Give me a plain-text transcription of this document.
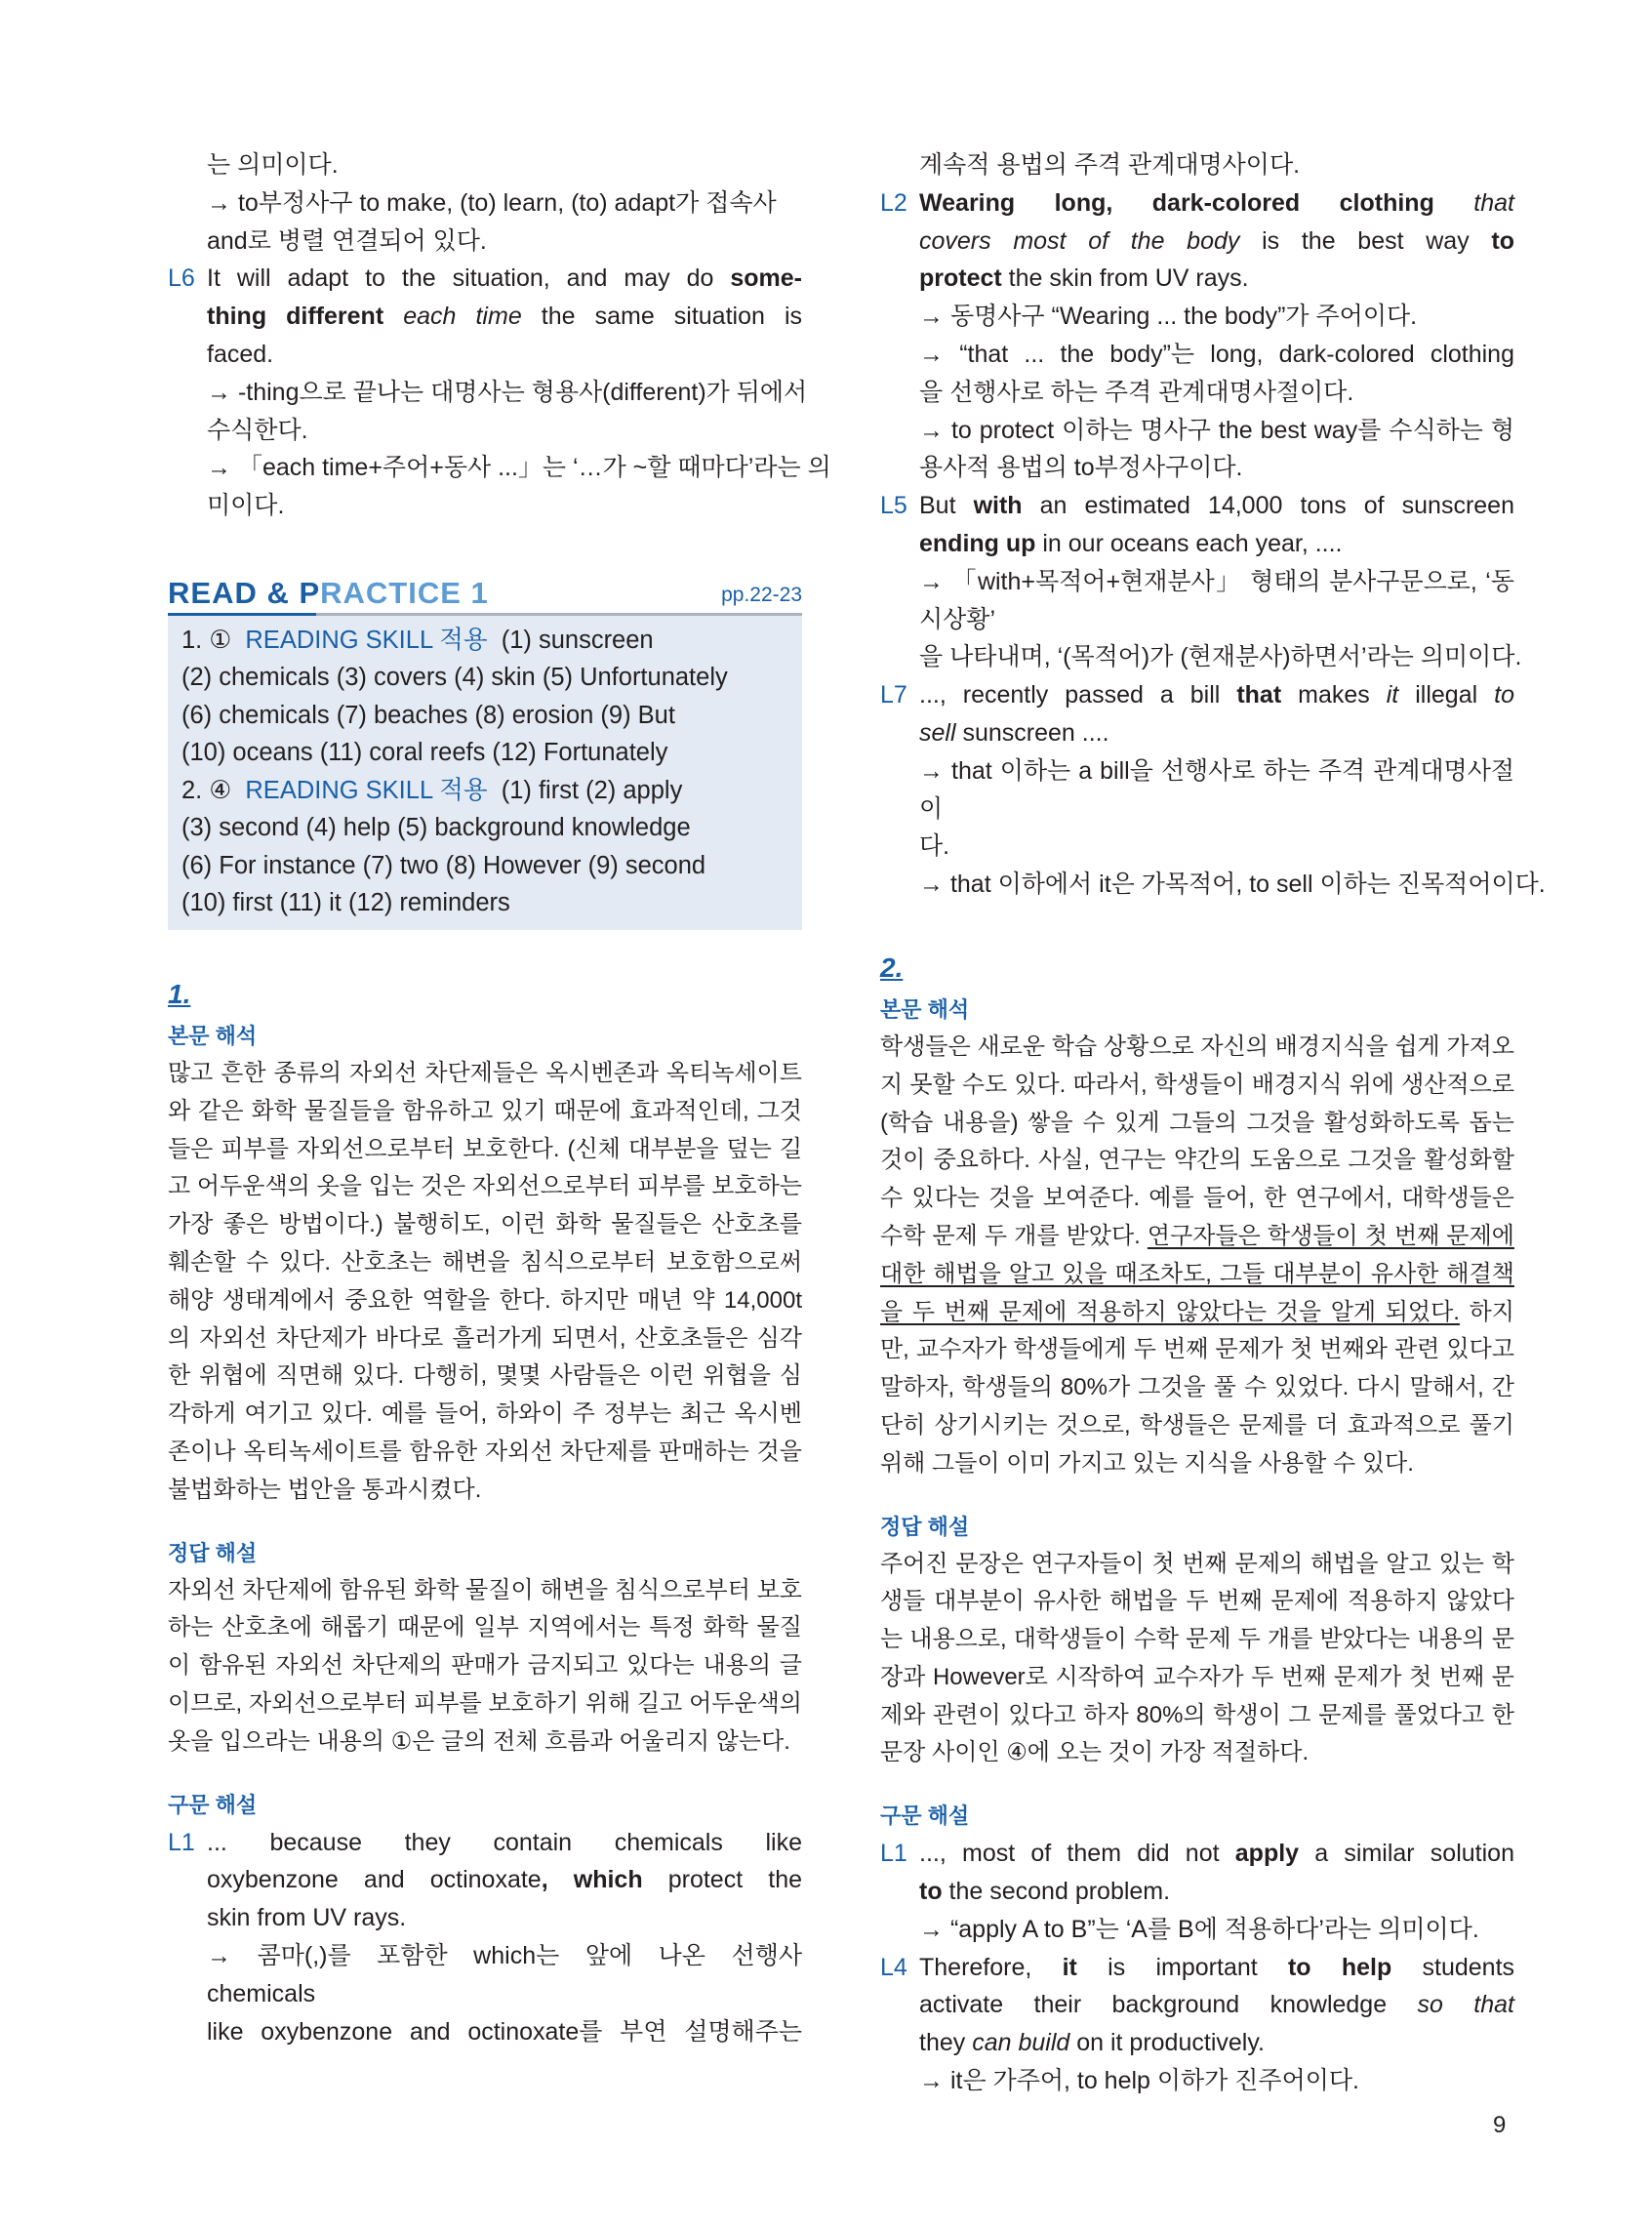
는 의미이다.
→ to부정사구 to make, (to) learn, (to) adapt가 접속사
and로 병렬 연결되어 있다.
L6 It will adapt to the situation, and may do some-
thing different each time the same situation is
faced.
→ -thing으로 끝나는 대명사는 형용사(different)가 뒤에서
수식한다.
→ 「each time+주어+동사 ...」는 ‘…가 ~할 때마다’라는 의
미이다.
READ & PRACTICE 1	pp.22-23
1. ①  READING SKILL 적용  (1) sunscreen
(2) chemicals (3) covers (4) skin (5) Unfortunately
(6) chemicals (7) beaches (8) erosion (9) But
(10) oceans (11) coral reefs (12) Fortunately
2. ④  READING SKILL 적용  (1) first (2) apply
(3) second (4) help (5) background knowledge
(6) For instance (7) two (8) However (9) second
(10) first (11) it (12) reminders
1.
본문 해석
많고 흔한 종류의 자외선 차단제들은 옥시벤존과 옥티녹세이트와 같은 화학 물질들을 함유하고 있기 때문에 효과적인데, 그것들은 피부를 자외선으로부터 보호한다. (신체 대부분을 덮는 길고 어두운색의 옷을 입는 것은 자외선으로부터 피부를 보호하는 가장 좋은 방법이다.) 불행히도, 이런 화학 물질들은 산호초를 훼손할 수 있다. 산호초는 해변을 침식으로부터 보호함으로써 해양 생태계에서 중요한 역할을 한다. 하지만 매년 약 14,000t의 자외선 차단제가 바다로 흘러가게 되면서, 산호초들은 심각한 위협에 직면해 있다. 다행히, 몇몇 사람들은 이런 위협을 심각하게 여기고 있다. 예를 들어, 하와이 주 정부는 최근 옥시벤존이나 옥티녹세이트를 함유한 자외선 차단제를 판매하는 것을 불법화하는 법안을 통과시켰다.
정답 해설
자외선 차단제에 함유된 화학 물질이 해변을 침식으로부터 보호하는 산호초에 해롭기 때문에 일부 지역에서는 특정 화학 물질이 함유된 자외선 차단제의 판매가 금지되고 있다는 내용의 글이므로, 자외선으로부터 피부를 보호하기 위해 길고 어두운색의 옷을 입으라는 내용의 ①은 글의 전체 흐름과 어울리지 않는다.
구문 해설
L1 ... because they contain chemicals like
oxybenzone and octinoxate, which protect the
skin from UV rays.
→ 콤마(,)를 포함한 which는 앞에 나온 선행사 chemicals
like oxybenzone and octinoxate를 부연 설명해주는
계속적 용법의 주격 관계대명사이다.
L2 Wearing long, dark-colored clothing that
covers most of the body is the best way to
protect the skin from UV rays.
→ 동명사구 “Wearing ... the body”가 주어이다.
→ “that ... the body”는 long, dark-colored clothing
을 선행사로 하는 주격 관계대명사절이다.
→ to protect 이하는 명사구 the best way를 수식하는 형
용사적 용법의 to부정사구이다.
L5 But with an estimated 14,000 tons of sunscreen
ending up in our oceans each year, ....
→ 「with+목적어+현재분사」 형태의 분사구문으로, ‘동시상황’
을 나타내며, ‘(목적어)가 (현재분사)하면서’라는 의미이다.
L7 ..., recently passed a bill that makes it illegal to
sell sunscreen ....
→ that 이하는 a bill을 선행사로 하는 주격 관계대명사절이
다.
→ that 이하에서 it은 가목적어, to sell 이하는 진목적어이다.
2.
본문 해석
학생들은 새로운 학습 상황으로 자신의 배경지식을 쉽게 가져오지 못할 수도 있다. 따라서, 학생들이 배경지식 위에 생산적으로 (학습 내용을) 쌓을 수 있게 그들의 그것을 활성화하도록 돕는 것이 중요하다. 사실, 연구는 약간의 도움으로 그것을 활성화할 수 있다는 것을 보여준다. 예를 들어, 한 연구에서, 대학생들은 수학 문제 두 개를 받았다. 연구자들은 학생들이 첫 번째 문제에 대한 해법을 알고 있을 때조차도, 그들 대부분이 유사한 해결책을 두 번째 문제에 적용하지 않았다는 것을 알게 되었다. 하지만, 교수자가 학생들에게 두 번째 문제가 첫 번째와 관련 있다고 말하자, 학생들의 80%가 그것을 풀 수 있었다. 다시 말해서, 간단히 상기시키는 것으로, 학생들은 문제를 더 효과적으로 풀기 위해 그들이 이미 가지고 있는 지식을 사용할 수 있다.
정답 해설
주어진 문장은 연구자들이 첫 번째 문제의 해법을 알고 있는 학생들 대부분이 유사한 해법을 두 번째 문제에 적용하지 않았다는 내용으로, 대학생들이 수학 문제 두 개를 받았다는 내용의 문장과 However로 시작하여 교수자가 두 번째 문제가 첫 번째 문제와 관련이 있다고 하자 80%의 학생이 그 문제를 풀었다고 한 문장 사이인 ④에 오는 것이 가장 적절하다.
구문 해설
L1 ..., most of them did not apply a similar solution
to the second problem.
→ “apply A to B”는 ‘A를 B에 적용하다’라는 의미이다.
L4 Therefore, it is important to help students
activate their background knowledge so that
they can build on it productively.
→ it은 가주어, to help 이하가 진주어이다.
9
